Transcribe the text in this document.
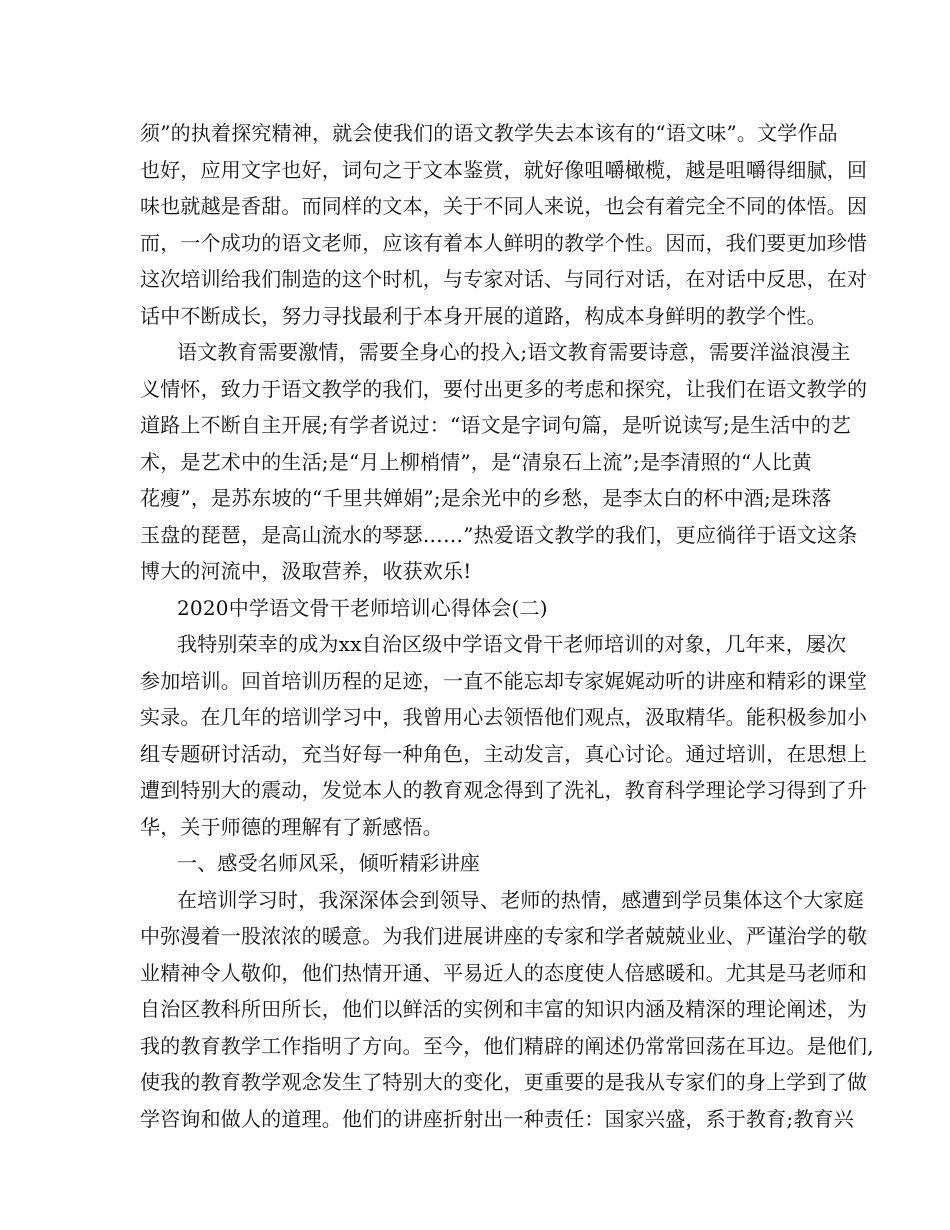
须”的执着探究精神，就会使我们的语文教学失去本该有的“语文味”。文学作品
也好，应用文字也好，词句之于文本鉴赏，就好像咀嚼橄榄，越是咀嚼得细腻，回
味也就越是香甜。而同样的文本，关于不同人来说，也会有着完全不同的体悟。因
而，一个成功的语文老师，应该有着本人鲜明的教学个性。因而，我们要更加珍惜
这次培训给我们制造的这个时机，与专家对话、与同行对话，在对话中反思，在对
话中不断成长，努力寻找最利于本身开展的道路，构成本身鲜明的教学个性。
语文教育需要激情，需要全身心的投入;语文教育需要诗意，需要洋溢浪漫主
义情怀，致力于语文教学的我们，要付出更多的考虑和探究，让我们在语文教学的
道路上不断自主开展;有学者说过：“语文是字词句篇，是听说读写;是生活中的艺
术，是艺术中的生活;是“月上柳梢情”，是“清泉石上流”;是李清照的“人比黄
花瘦”，是苏东坡的“千里共婵娟”;是余光中的乡愁，是李太白的杯中酒;是珠落
玉盘的琵琶，是高山流水的琴瑟……”热爱语文教学的我们，更应徜徉于语文这条
博大的河流中，汲取营养，收获欢乐!
2020中学语文骨干老师培训心得体会(二)
我特别荣幸的成为xx自治区级中学语文骨干老师培训的对象，几年来，屡次
参加培训。回首培训历程的足迹，一直不能忘却专家娓娓动听的讲座和精彩的课堂
实录。在几年的培训学习中，我曾用心去领悟他们观点，汲取精华。能积极参加小
组专题研讨活动，充当好每一种角色，主动发言，真心讨论。通过培训，在思想上
遭到特别大的震动，发觉本人的教育观念得到了洗礼，教育科学理论学习得到了升
华，关于师德的理解有了新感悟。
一、感受名师风采，倾听精彩讲座
在培训学习时，我深深体会到领导、老师的热情，感遭到学员集体这个大家庭
中弥漫着一股浓浓的暖意。为我们进展讲座的专家和学者兢兢业业、严谨治学的敬
业精神令人敬仰，他们热情开通、平易近人的态度使人倍感暖和。尤其是马老师和
自治区教科所田所长，他们以鲜活的实例和丰富的知识内涵及精深的理论阐述，为
我的教育教学工作指明了方向。至今，他们精辟的阐述仍常常回荡在耳边。是他们,
使我的教育教学观念发生了特别大的变化，更重要的是我从专家们的身上学到了做
学咨询和做人的道理。他们的讲座折射出一种责任：国家兴盛，系于教育;教育兴
